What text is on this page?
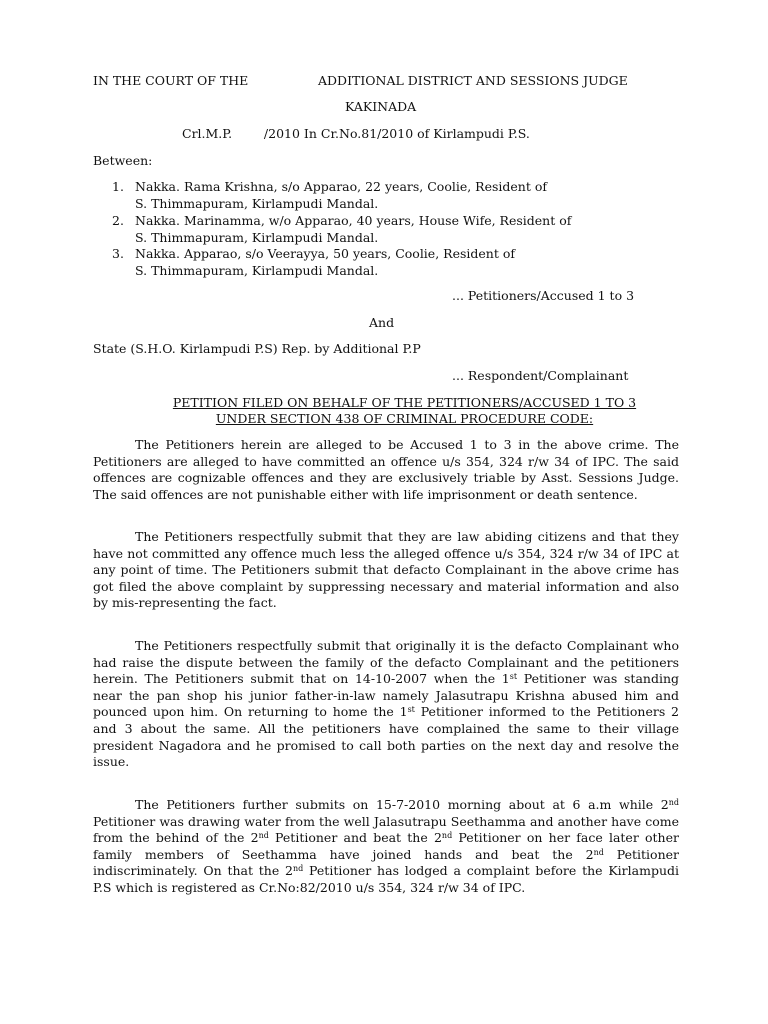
IN THE COURT OF THE	ADDITIONAL DISTRICT AND SESSIONS JUDGE
KAKINADA
Crl.M.P.        /2010 In Cr.No.81/2010 of Kirlampudi P.S.
Between:
1. Nakka. Rama Krishna, s/o Apparao, 22 years, Coolie, Resident of
S. Thimmapuram, Kirlampudi Mandal.
2. Nakka. Marinamma, w/o Apparao, 40 years, House Wife, Resident of
S. Thimmapuram, Kirlampudi Mandal.
3. Nakka. Apparao, s/o Veerayya, 50 years, Coolie, Resident of
S. Thimmapuram, Kirlampudi Mandal.
... Petitioners/Accused 1 to 3
And
State (S.H.O. Kirlampudi P.S) Rep. by Additional P.P
... Respondent/Complainant
PETITION FILED ON BEHALF OF THE PETITIONERS/ACCUSED 1 TO 3
UNDER SECTION 438 OF CRIMINAL PROCEDURE CODE:

The Petitioners herein are alleged to be Accused 1 to 3 in the above crime. The Petitioners are alleged to have committed an offence u/s 354, 324 r/w 34 of IPC. The said offences are cognizable offences and they are exclusively triable by Asst. Sessions Judge. The said offences are not punishable either with life imprisonment or death sentence.

The Petitioners respectfully submit that they are law abiding citizens and that they have not committed any offence much less the alleged offence u/s 354, 324 r/w 34 of IPC at any point of time. The Petitioners submit that defacto Complainant in the above crime has got filed the above complaint by suppressing necessary and material information and also by mis-representing the fact.

The Petitioners respectfully submit that originally it is the defacto Complainant who had raise the dispute between the family of the defacto Complainant and the petitioners herein. The Petitioners submit that on 14-10-2007 when the 1st Petitioner was standing near the pan shop his junior father-in-law namely Jalasutrapu Krishna abused him and pounced upon him. On returning to home the 1st Petitioner informed to the Petitioners 2 and 3 about the same. All the petitioners have complained the same to their village president Nagadora and he promised to call both parties on the next day and resolve the issue.

The Petitioners further submits on 15-7-2010 morning about at 6 a.m while 2nd Petitioner was drawing water from the well Jalasutrapu Seethamma and another have come from the behind of the 2nd Petitioner and beat the 2nd Petitioner on her face later other family members of Seethamma have joined hands and beat the 2nd Petitioner indiscriminately. On that the 2nd Petitioner has lodged a complaint before the Kirlampudi P.S which is registered as Cr.No:82/2010 u/s 354, 324 r/w 34 of IPC.
